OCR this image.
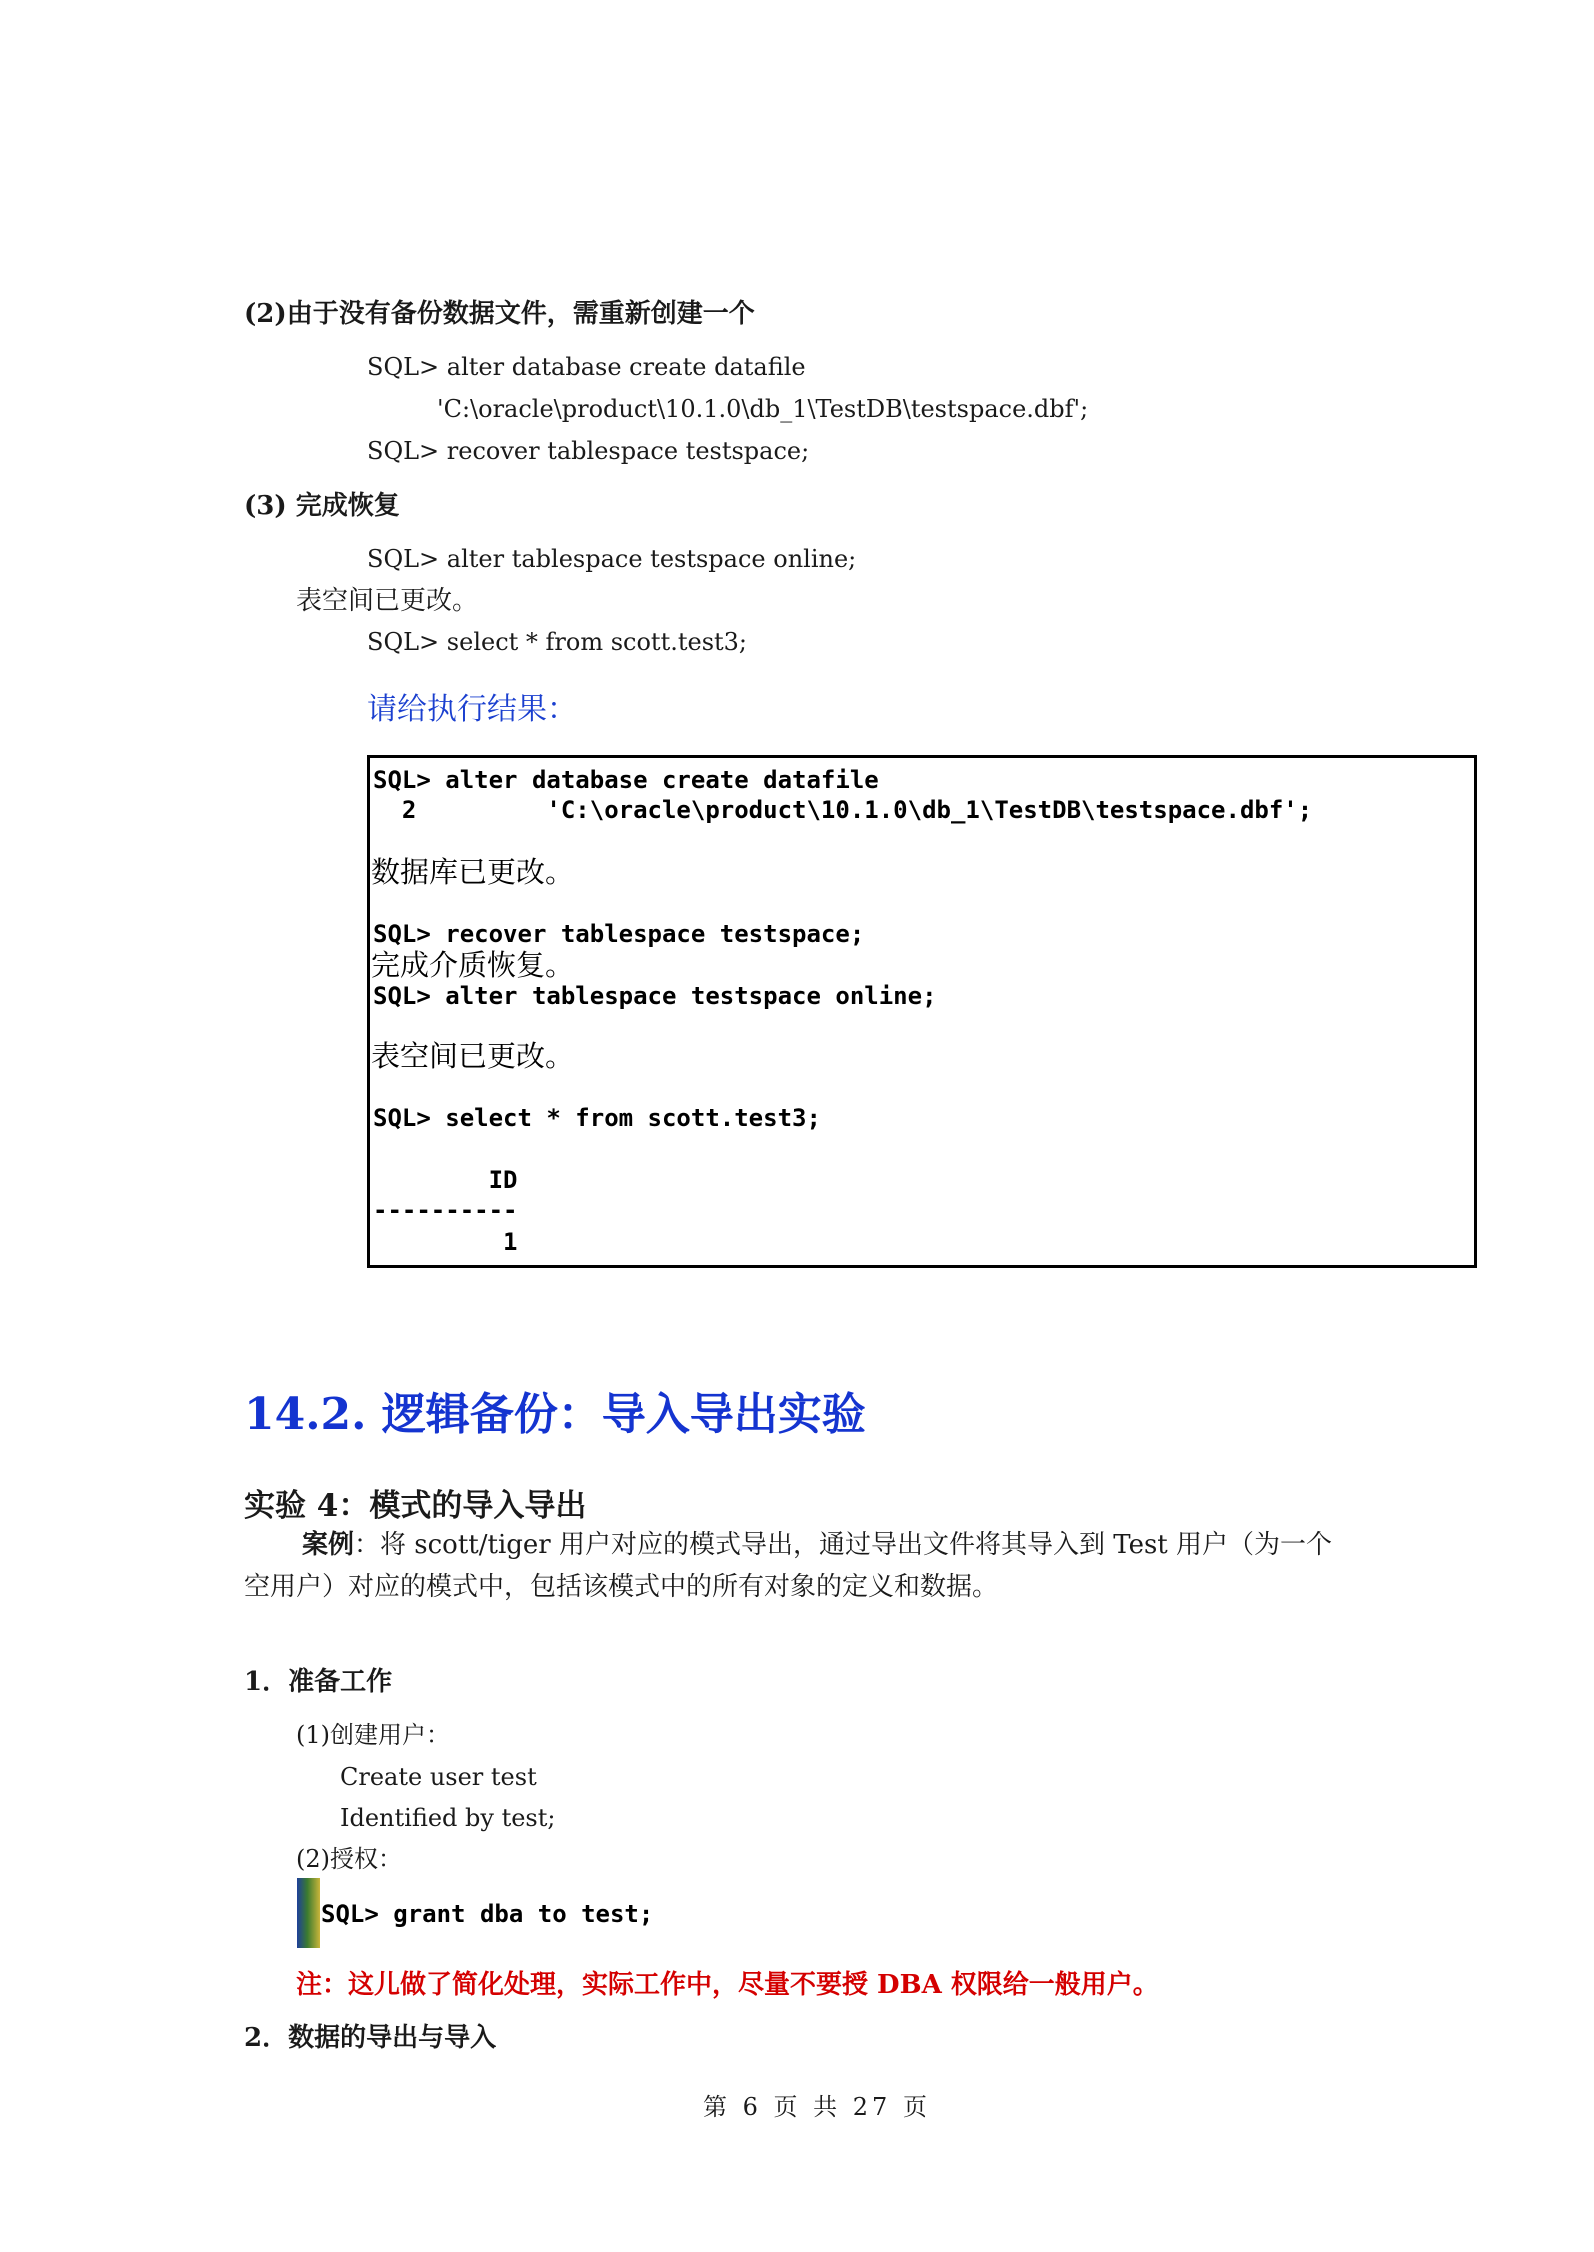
(2)由于没有备份数据文件，需重新创建一个
SQL> alter database create datafile
'C:\oracle\product\10.1.0\db_1\TestDB\testspace.dbf';
SQL> recover tablespace testspace;
(3) 完成恢复
SQL> alter tablespace testspace online;
表空间已更改。
SQL> select * from scott.test3;
请给执行结果：
SQL> alter database create datafile
2         'C:\oracle\product\10.1.0\db_1\TestDB\testspace.dbf';
数据库已更改。
SQL> recover tablespace testspace;
完成介质恢复。
SQL> alter tablespace testspace online;
表空间已更改。
SQL> select * from scott.test3;
ID
----------
1
14.2. 逻辑备份：导入导出实验
实验 4：模式的导入导出
案例：将 scott/tiger 用户对应的模式导出，通过导出文件将其导入到 Test 用户（为一个
空用户）对应的模式中，包括该模式中的所有对象的定义和数据。
1．准备工作
(1)创建用户：
Create user test
Identified by test;
(2)授权：
SQL> grant dba to test;
注：这儿做了简化处理，实际工作中，尽量不要授 DBA 权限给一般用户。
2．数据的导出与导入
第 6 页 共 27 页
